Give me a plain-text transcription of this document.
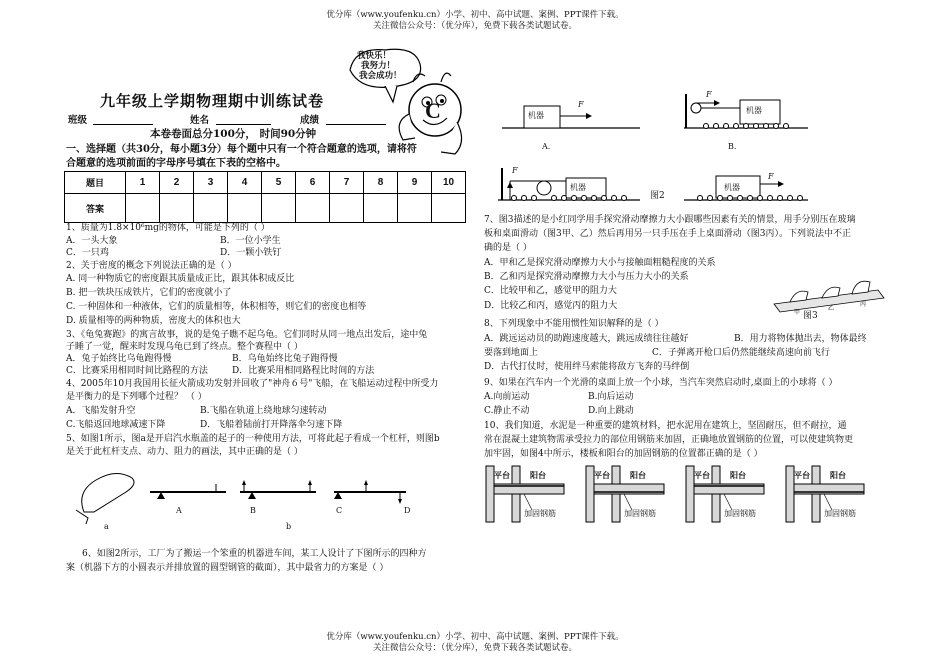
优分库（www.youfenku.cn）小学、初中、高中试题、案例、PPT课件下载。
关注微信公众号：（优分库），免费下载各类试题试卷。
我快乐！
我努力！
我会成功！
C
九年级上学期物理期中训练试卷
班级	姓名	成绩
本卷卷面总分100分， 时间90分钟
一、选择题（共30分，每小题3分）每个题中只有一个符合题意的选项，请将符
合题意的选项前面的字母序号填在下表的空格中。
题目	1	2	3	4	5	6	7	8	9	10
答案										
1、质量为1.8×10⁶mg的物体，可能是下列的（ ）
A．一头大象	B．一位小学生
C．一只鸡	D．一颗小铁钉
2、关于密度的概念下列说法正确的是（ ）
A. 同一种物质它的密度跟其质量成正比，跟其体积成反比
B. 把一铁块压成铁片，它们的密度就小了
C. 一种固体和一种液体，它们的质量相等，体积相等，则它们的密度也相等
D. 质量相等的两种物质，密度大的体积也大
3、《龟兔赛跑》的寓言故事，说的是兔子瞧不起乌龟。它们同时从同一地点出发后，途中兔
子睡了一觉，醒来时发现乌龟已到了终点。整个赛程中（ ）
A．兔子始终比乌龟跑得慢	B．乌龟始终比兔子跑得慢
C．比赛采用相同时间比路程的方法	D．比赛采用相同路程比时间的方法
4、2005年10月我国用长征火箭成功发射并回收了"神舟６号"飞船，在飞船运动过程中所受力
是平衡力的是下列哪个过程？ （ ）
A．飞船发射升空	B.飞船在轨道上绕地球匀速转动
C.飞船返回地球减速下降	D．飞船着陆前打开降落伞匀速下降
5、如图1所示，图a是开启汽水瓶盖的起子的一种使用方法，可将此起子看成一个杠杆，则图b
是关于此杠杆支点、动力、阻力的画法，其中正确的是（ ）
A	B	C	D
a	b
6、如图2所示，工厂为了搬运一个笨重的机器进车间，某工人设计了下图所示的四种方
案（机器下方的小圆表示并排放置的圆型钢管的截面），其中最省力的方案是（ ）
机器
F
机器
F
A.	B.
机器
F
机器
F
图2
7、图3描述的是小红同学用手探究滑动摩擦力大小跟哪些因素有关的情景，用手分别压在玻璃
板和桌面滑动（图3甲、乙）然后再用另一只手压在手上桌面滑动（图3丙）。下列说法中不正
确的是（ ）
A．甲和乙是探究滑动摩擦力大小与接触面粗糙程度的关系
B．乙和丙是探究滑动摩擦力大小与压力大小的关系
C．比较甲和乙，感觉甲的阻力大
D．比较乙和丙，感觉丙的阻力大
甲
乙
丙
图3
8、下列现象中不能用惯性知识解释的是（ ）
A．跳远运动员的助跑速度越大，跳远成绩往往越好	B．用力将物体抛出去，物体最终
要落到地面上	C．子弹离开枪口后仍然能继续高速向前飞行
D．古代打仗时，使用绊马索能将敌方飞奔的马绊倒
9、如果在汽车内一个光滑的桌面上放一个小球，当汽车突然启动时,桌面上的小球将（ ）
A.向前运动	B.向后运动
C.静止不动	D.向上跳动
10、我们知道，水泥是一种重要的建筑材料，把水泥用在建筑上，坚固耐压，但不耐拉，通
常在混凝土建筑物需承受拉力的部位用钢筋来加固，正确地放置钢筋的位置，可以使建筑物更
加牢固，如图4中所示，楼板和阳台的加固钢筋的位置都正确的是（ ）
平台	阳台
加固钢筋
平台	阳台
加固钢筋
平台	阳台
加固钢筋
平台	阳台
加固钢筋
优分库（www.youfenku.cn）小学、初中、高中试题、案例、PPT课件下载。
关注微信公众号：（优分库），免费下载各类试题试卷。
